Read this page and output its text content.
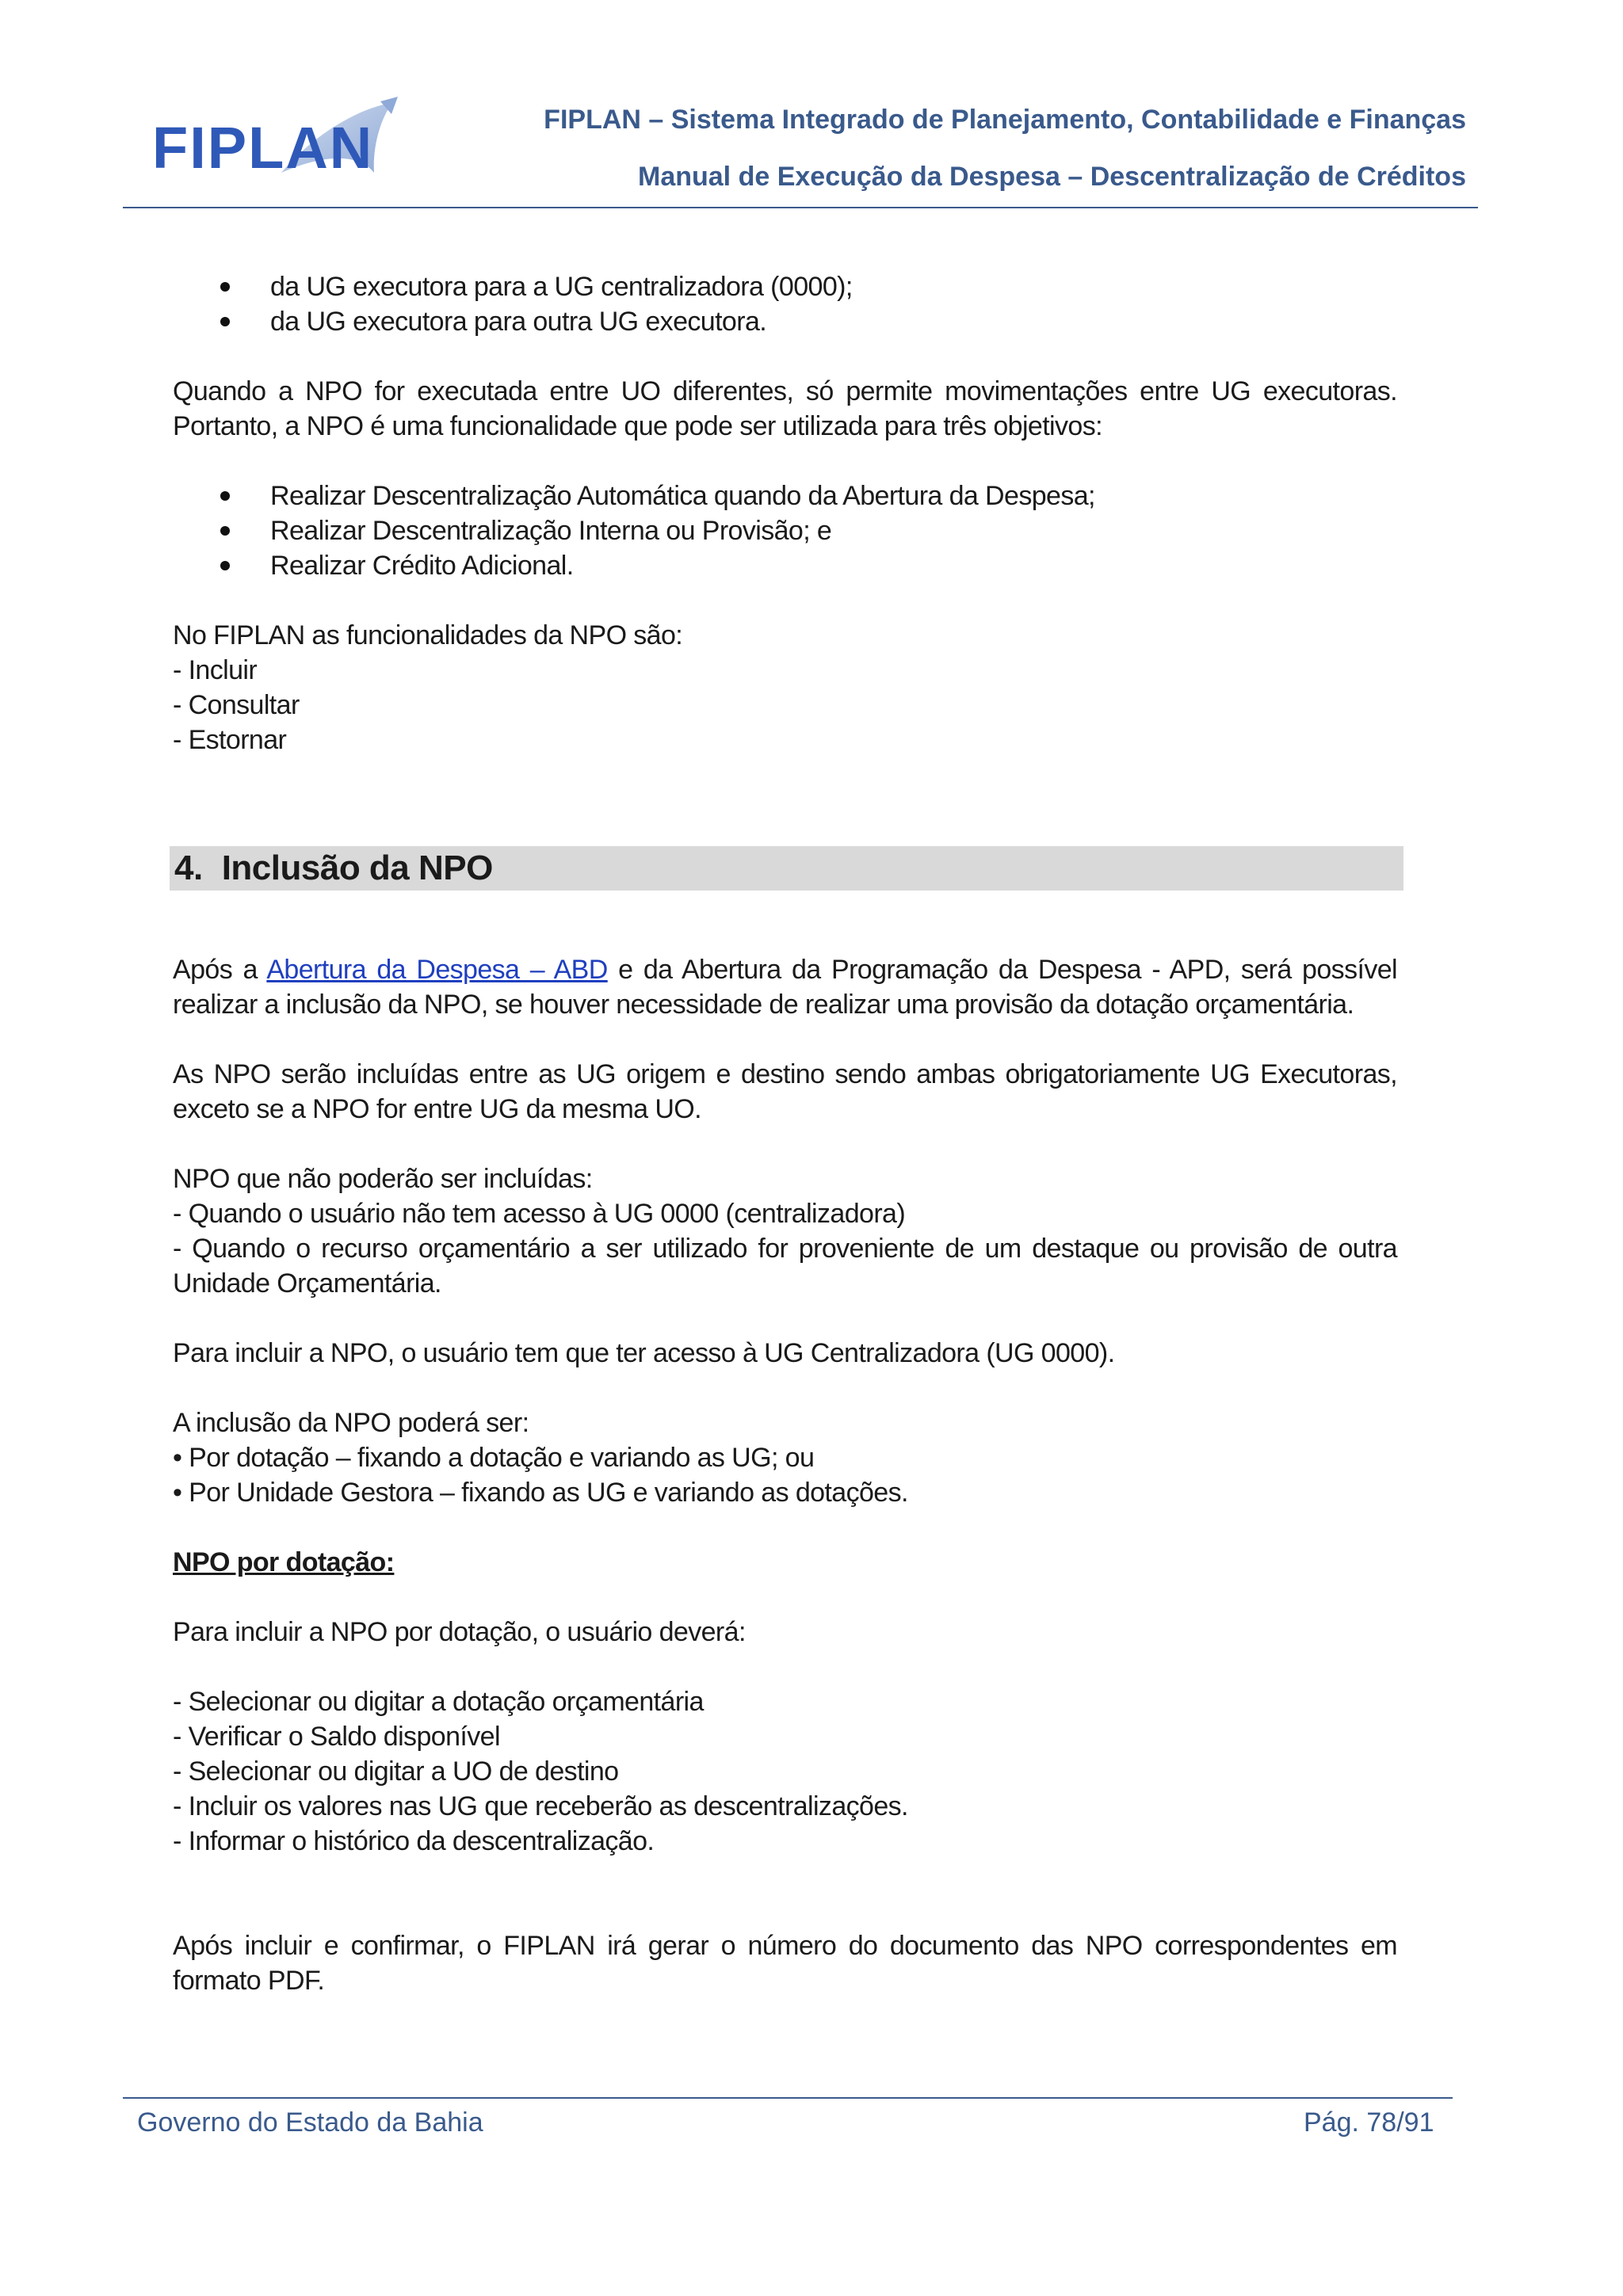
FIPLAN	FIPLAN – Sistema Integrado de Planejamento, Contabilidade e Finanças
Manual de Execução da Despesa – Descentralização de Créditos
da UG executora para a UG centralizadora (0000);
da UG executora para outra UG executora.

Quando a NPO for executada entre UO diferentes, só permite movimentações entre UG executoras. Portanto, a NPO é uma funcionalidade que pode ser utilizada para três objetivos:

Realizar Descentralização Automática quando da Abertura da Despesa;
Realizar Descentralização Interna ou Provisão; e
Realizar Crédito Adicional.

No FIPLAN as funcionalidades da NPO são:

- Incluir

- Consultar

- Estornar

4. Inclusão da NPO

Após a Abertura da Despesa – ABD e da Abertura da Programação da Despesa - APD, será possível realizar a inclusão da NPO, se houver necessidade de realizar uma provisão da dotação orçamentária.

As NPO serão incluídas entre as UG origem e destino sendo ambas obrigatoriamente UG Executoras, exceto se a NPO for entre UG da mesma UO.

NPO que não poderão ser incluídas:

- Quando o usuário não tem acesso à UG 0000 (centralizadora)

- Quando o recurso orçamentário a ser utilizado for proveniente de um destaque ou provisão de outra Unidade Orçamentária.

Para incluir a NPO, o usuário tem que ter acesso à UG Centralizadora (UG 0000).

A inclusão da NPO poderá ser:

• Por dotação – fixando a dotação e variando as UG; ou

• Por Unidade Gestora – fixando as UG e variando as dotações.

NPO por dotação:

Para incluir a NPO por dotação, o usuário deverá:

- Selecionar ou digitar a dotação orçamentária

- Verificar o Saldo disponível

- Selecionar ou digitar a UO de destino

- Incluir os valores nas UG que receberão as descentralizações.

- Informar o histórico da descentralização.

Após incluir e confirmar, o FIPLAN irá gerar o número do documento das NPO correspondentes em formato PDF.

Governo do Estado da Bahia	Pág. 78/91
